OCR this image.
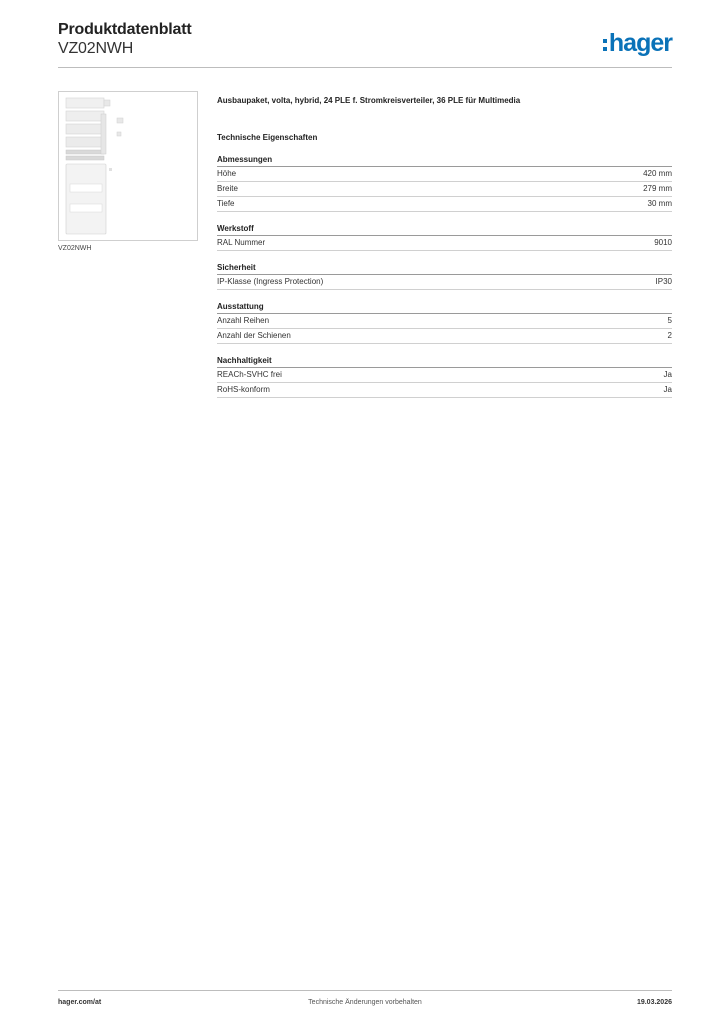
Produktdatenblatt
VZ02NWH	hager
VZ02NWH
Ausbaupaket, volta, hybrid, 24 PLE f. Stromkreisverteiler, 36 PLE für Multimedia
Technische Eigenschaften
Abmessungen
Höhe	420 mm
Breite	279 mm
Tiefe	30 mm
Werkstoff
RAL Nummer	9010
Sicherheit
IP-Klasse (Ingress Protection)	IP30
Ausstattung
Anzahl Reihen	5
Anzahl der Schienen	2
Nachhaltigkeit
REACh-SVHC frei	Ja
RoHS-konform	Ja
hager.com/at	Technische Änderungen vorbehalten	19.03.2026
